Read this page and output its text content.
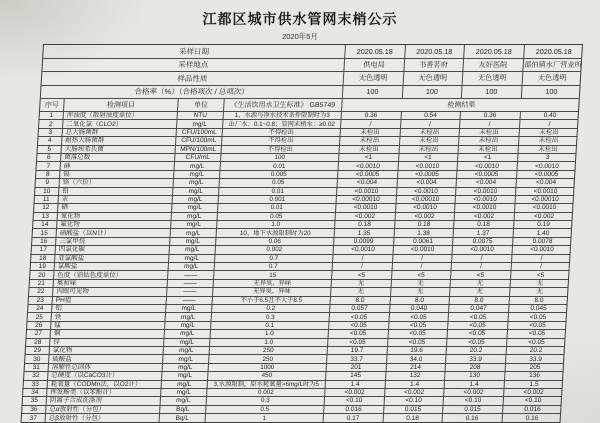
江都区城市供水管网末梢公示
2020年5月
采样日期	2020.05.18	2020.05.18	2020.05.18	2020.05.18
采样地点	供电局	书香茗府	友好医院	邵伯镇水厂营业所
样品性质	无色透明	无色透明	无色透明	无色透明
合格率（%）（合格项次 / 总项次）	100	100	100	100
序号	检测项目	单位	《生活饮用水卫生标准》 GB5749	检测结果
1	浑浊度（散射浊度单位）	NTU	1、水源与净水技术条件限制时为3	0.36	0.54	0.36	0.40
2	二氧化氯（CLO2）	mg/L	出厂水：0.1~0.8；管网末梢水：≥0.02	/	/	/	/
3	总大肠菌群	CFU/100mL	不得检出	未检出	未检出	未检出	未检出
4	耐热大肠菌群	CFU/100mL	不得检出	未检出	未检出	未检出	未检出
5	大肠埃希氏菌	MPN/100mL	不得检出	未检出	未检出	未检出	未检出
6	菌落总数	CFU/mL	100	<1	<1	<1	3
7	砷	mg/L	0.01	<0.0010	<0.0010	<0.0010	<0.0010
8	镉	mg/L	0.005	<0.0005	<0.0005	<0.0005	<0.0005
9	铬（六价）	mg/L	0.05	<0.004	<0.004	<0.004	<0.004
10	铅	mg/L	0.01	<0.0010	<0.0010	<0.0010	<0.0010
11	汞	mg/L	0.001	<0.00010	<0.00010	<0.0010	<0.00010
12	硒	mg/L	0.01	<0.0010	<0.0010	<0.0010	<0.0010
13	氰化物	mg/L	0.05	<0.002	<0.002	<0.002	<0.002
14	氟化物	mg/L	1.0	0.18	0.18	0.18	0.19
15	硝酸盐（以N计）	mg/L	10、地下水源限制时为20	1.35	1.38	1.37	1.40
16	三氯甲烷	mg/L	0.06	0.0099	0.0061	0.0075	0.0078
17	四氯化碳	mg/L	0.002	<0.0010	<0.0010	<0.0010	<0.0010
18	亚氯酸盐	mg/L	0.7	/	/	/	/
19	氯酸盐	mg/L	0.7	/	/	/	/
20	色度（铂钴色度单位）	——	15	<5	<5	<5	<5
21	臭和味	——	无异臭、异味	无	无	无	无
22	肉眼可见物	——	无异臭、异味	无	无	无	无
23	PH值	——	不小于6.5且不大于8.5	8.0	8.0	8.0	8.0
24	铝	mg/L	0.2	0.057	0.040	0.047	0.045
25	铁	mg/L	0.3	<0.05	<0.05	<0.05	<0.05
26	锰	mg/L	0.1	<0.05	<0.05	<0.05	<0.05
27	铜	mg/L	1.0	<0.05	<0.05	<0.05	<0.05
28	锌	mg/L	1.0	<0.05	<0.05	<0.05	<0.05
29	氯化物	mg/L	250	19.7	19.6	20.2	20.2
30	硫酸盐	mg/L	250	33.7	34.0	33.9	33.9
31	溶解性总固体	mg/L	1000	201	214	208	205
32	总硬度（以CaCO3计）	mg/L	450	145	132	130	136
33	耗氧量（CODMn法，以O2计）	mg/L	3,水源限制，原水耗氧量>6mg/L时为5	1.4	1.4	1.4	1.5
34	挥发酚类（以苯酚计）	mg/L	0.002	<0.002	<0.002	<0.002	<0.002
35	阴离子合成洗涤剂	mg/L	0.3	<0.10	<0.10	<0.10	<0.10
36	总α放射性（分包）	Bq/L	0.5	0.016	0.015	0.015	0.016
37	总β放射性（分包）	Bq/L	1	0.17	0.18	0.16	0.16
